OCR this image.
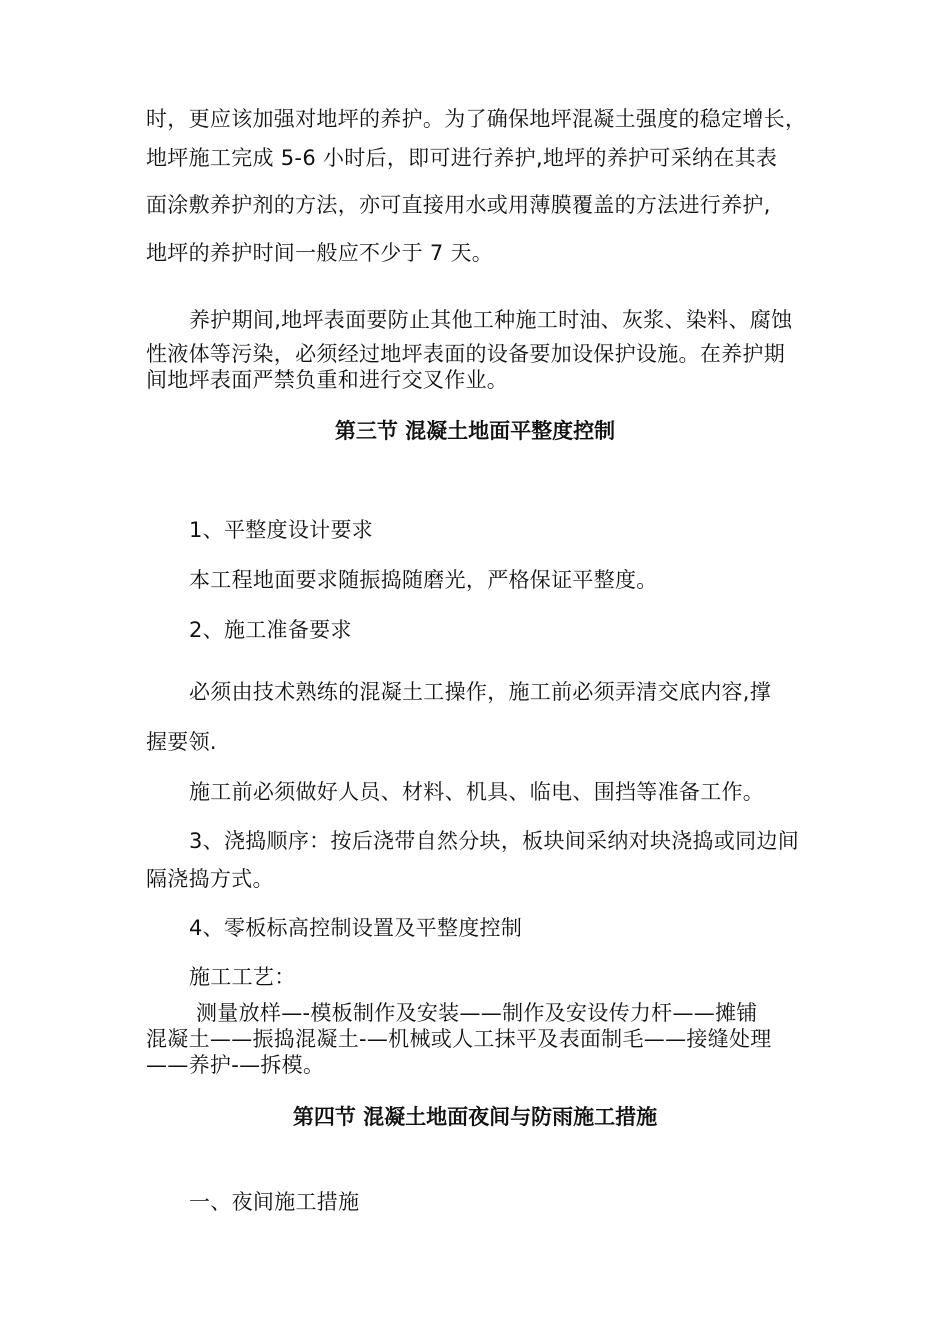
时，更应该加强对地坪的养护。为了确保地坪混凝土强度的稳定增长，
地坪施工完成 5-6 小时后，即可进行养护,地坪的养护可采纳在其表
面涂敷养护剂的方法，亦可直接用水或用薄膜覆盖的方法进行养护,
地坪的养护时间一般应不少于 7 天。
养护期间,地坪表面要防止其他工种施工时油、灰浆、染料、腐蚀
性液体等污染，必须经过地坪表面的设备要加设保护设施。在养护期
间地坪表面严禁负重和进行交叉作业。
第三节 混凝土地面平整度控制
1、平整度设计要求
本工程地面要求随振捣随磨光，严格保证平整度。
2、施工准备要求
必须由技术熟练的混凝土工操作，施工前必须弄清交底内容,撑
握要领.
施工前必须做好人员、材料、机具、临电、围挡等准备工作。
3、浇捣顺序：按后浇带自然分块，板块间采纳对块浇捣或同边间
隔浇捣方式。
4、零板标高控制设置及平整度控制
施工工艺：
测量放样—-模板制作及安装——制作及安设传力杆——摊铺
混凝土——振捣混凝土-—机械或人工抹平及表面制毛——接缝处理
——养护-—拆模。
第四节 混凝土地面夜间与防雨施工措施
一、夜间施工措施
